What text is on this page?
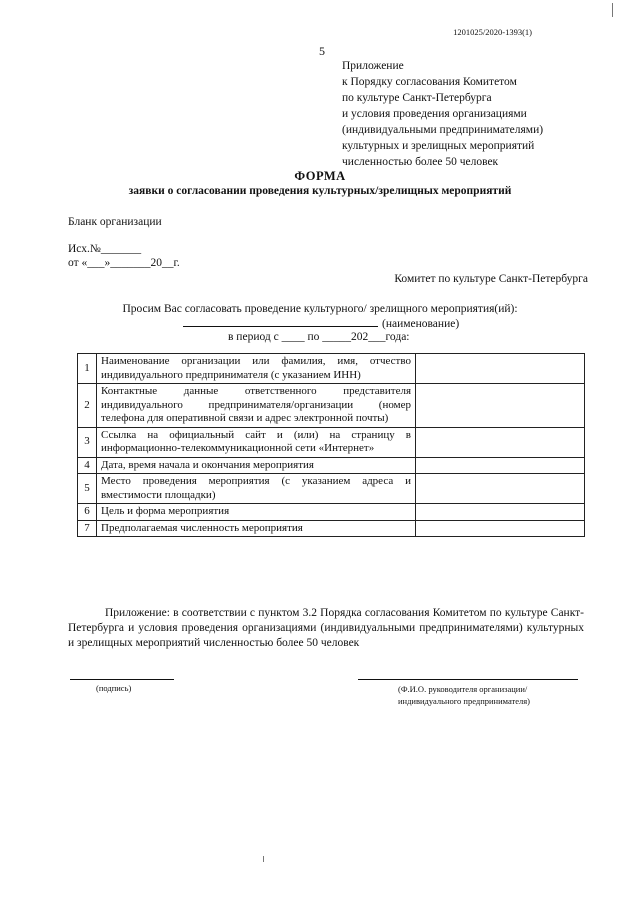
1201025/2020-1393(1)
5
Приложение
к Порядку согласования Комитетом
по культуре Санкт-Петербурга
и условия проведения организациями
(индивидуальными предпринимателями)
культурных и зрелищных мероприятий
численностью более 50 человек
ФОРМА
заявки о согласовании проведения культурных/зрелищных мероприятий
Бланк организации
Исх.№_______
от «___»_______20__г.
Комитет по культуре Санкт-Петербурга
Просим Вас согласовать проведение культурного/ зрелищного мероприятия(ий):
(наименование)
в период с ____ по _____202___года:
1	Наименование организации или фамилия, имя, отчество индивидуального предпринимателя (с указанием ИНН)	
2	Контактные данные ответственного представителя индивидуального предпринимателя/организации (номер телефона для оперативной связи и адрес электронной почты)	
3	Ссылка на официальный сайт и (или) на страницу в информационно-телекоммуникационной сети «Интернет»	
4	Дата, время начала и окончания мероприятия	
5	Место проведения мероприятия (с указанием адреса и вместимости площадки)	
6	Цель и форма мероприятия	
7	Предполагаемая численность мероприятия	
Приложение: в соответствии с пунктом 3.2 Порядка согласования Комитетом по культуре Санкт-Петербурга и условия проведения организациями (индивидуальными предпринимателями) культурных и зрелищных мероприятий численностью более 50 человек
(подпись)	(Ф.И.О. руководителя организации/
индивидуального предпринимателя)
